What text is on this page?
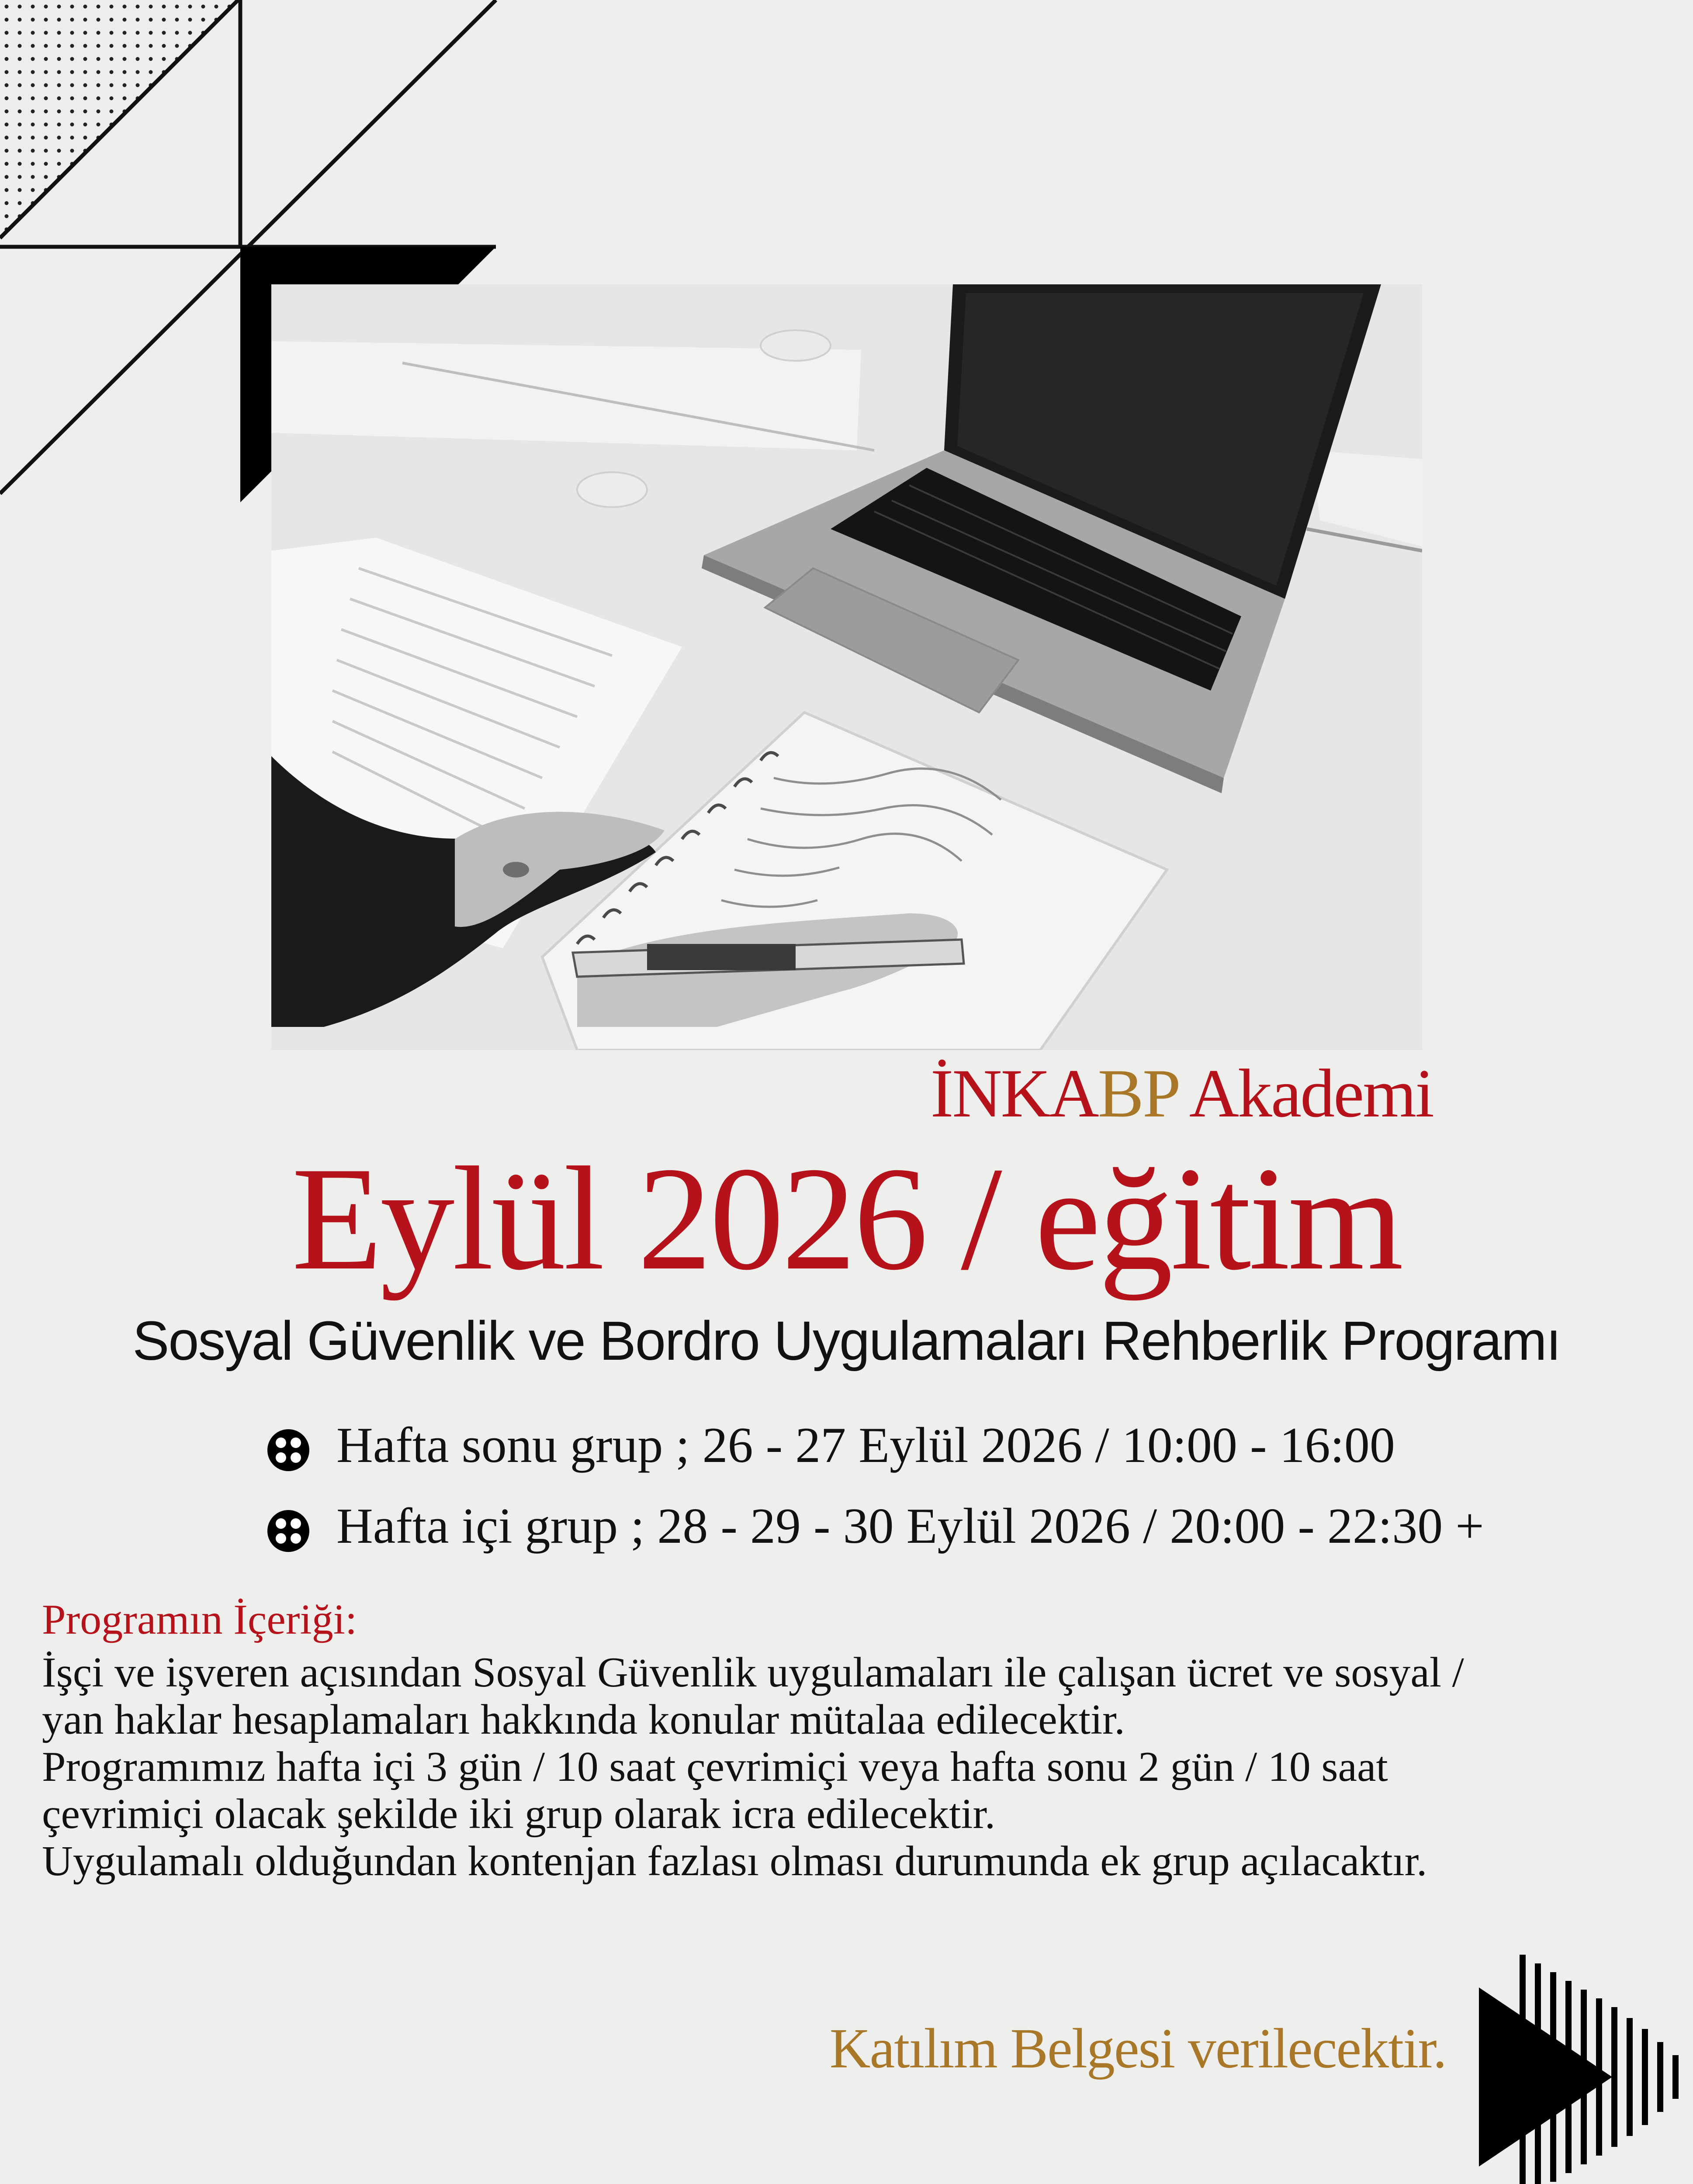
İNKABP Akademi
Eylül 2026 / eğitim
Sosyal Güvenlik ve Bordro Uygulamaları Rehberlik Programı
Hafta sonu grup ; 26 - 27 Eylül 2026 / 10:00 - 16:00
Hafta içi grup ; 28 - 29 - 30 Eylül 2026 / 20:00 - 22:30 +
Programın İçeriği:

İşçi ve işveren açısından Sosyal Güvenlik uygulamaları ile çalışan ücret ve sosyal /

yan haklar hesaplamaları hakkında konular mütalaa edilecektir.

Programımız hafta içi 3 gün / 10 saat çevrimiçi veya hafta sonu 2 gün / 10 saat

çevrimiçi olacak şekilde iki grup olarak icra edilecektir.

Uygulamalı olduğundan kontenjan fazlası olması durumunda ek grup açılacaktır.

Katılım Belgesi verilecektir.
